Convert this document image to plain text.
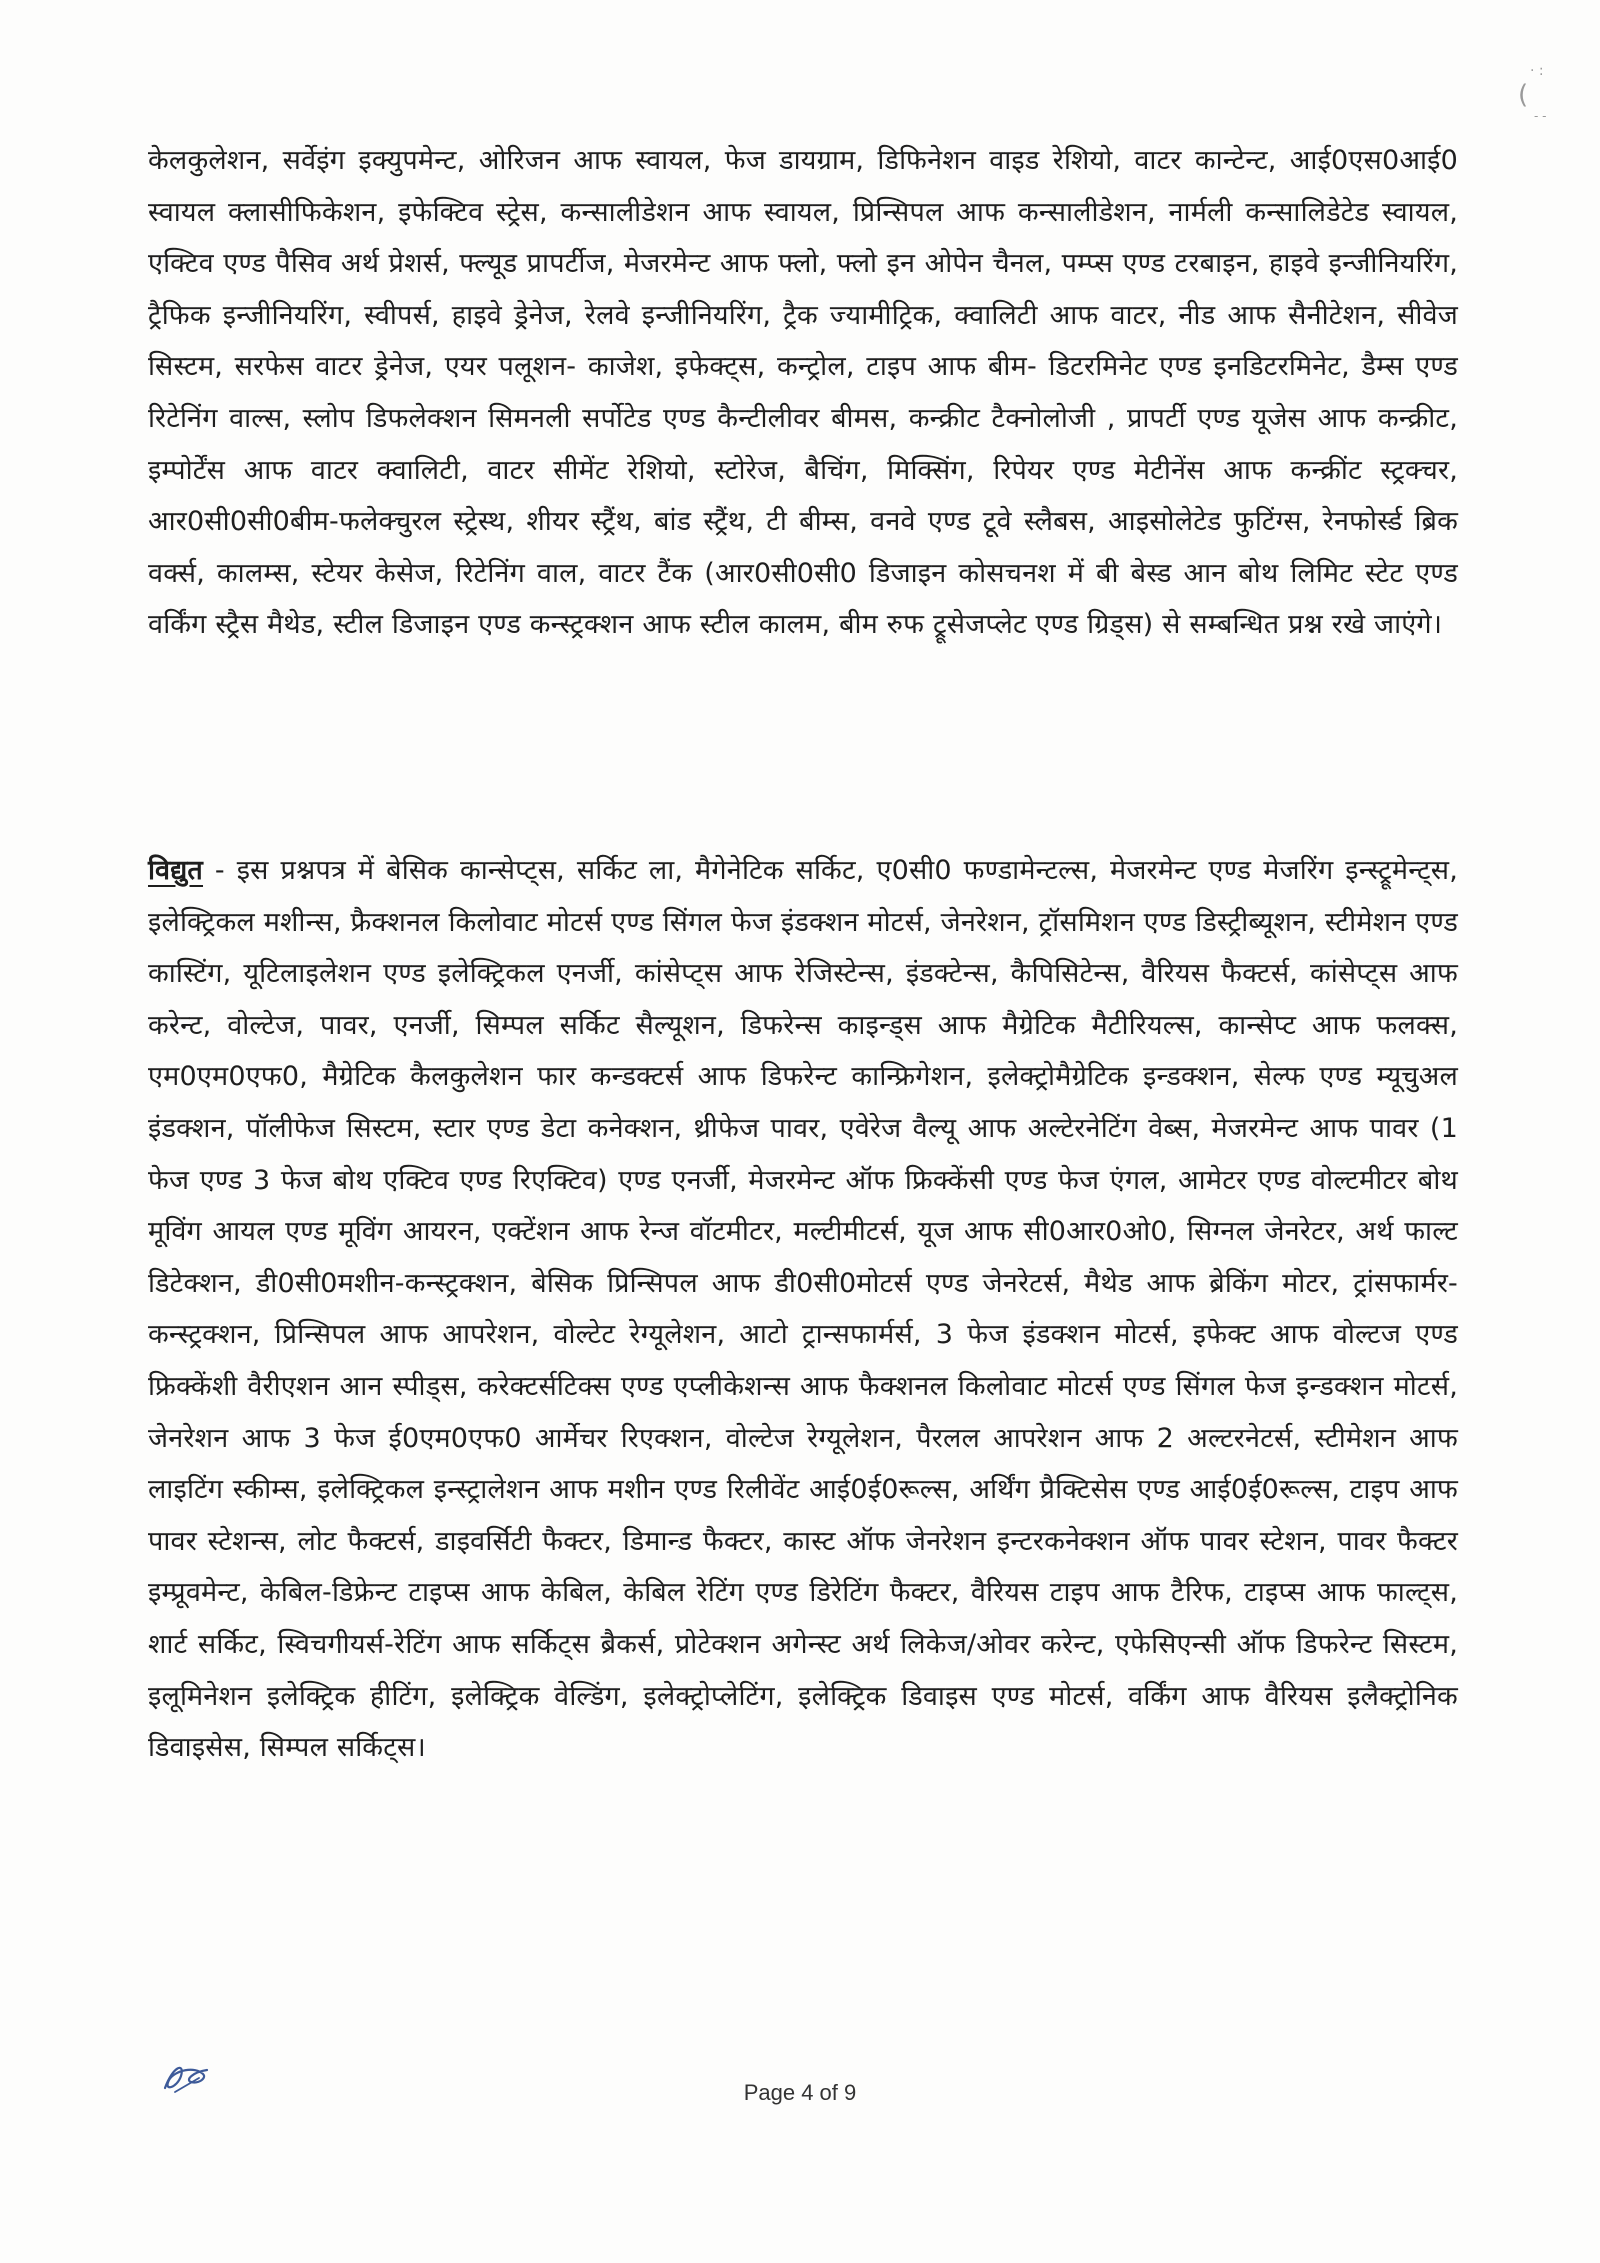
(
· :
- -

केलकुलेशन, सर्वेइंग इक्युपमेन्ट, ओरिजन आफ स्वायल, फेज डायग्राम, डिफिनेशन वाइड रेशियो, वाटर कान्टेन्ट, आई0एस0आई0 स्वायल क्लासीफिकेशन, इफेक्टिव स्ट्रेस, कन्सालीडेशन आफ स्वायल, प्रिन्सिपल आफ कन्सालीडेशन, नार्मली कन्सालिडेटेड स्वायल, एक्टिव एण्ड पैसिव अर्थ प्रेशर्स, फ्ल्यूड प्रापर्टीज, मेजरमेन्ट आफ फ्लो, फ्लो इन ओपेन चैनल, पम्प्स एण्ड टरबाइन, हाइवे इन्जीनियरिंग, ट्रैफिक इन्जीनियरिंग, स्वीपर्स, हाइवे ड्रेनेज, रेलवे इन्जीनियरिंग, ट्रैक ज्यामीट्रिक, क्वालिटी आफ वाटर, नीड आफ सैनीटेशन, सीवेज सिस्टम, सरफेस वाटर ड्रेनेज, एयर पलूशन- काजेश, इफेक्ट्स, कन्ट्रोल, टाइप आफ बीम- डिटरमिनेट एण्ड इनडिटरमिनेट, डैम्स एण्ड रिटेनिंग वाल्स, स्लोप डिफलेक्शन सिमनली सर्पोटेड एण्ड कैन्टीलीवर बीमस, कन्क्रीट टैक्नोलोजी , प्रापर्टी एण्ड यूजेस आफ कन्क्रीट, इम्पोर्टेंस आफ वाटर क्वालिटी, वाटर सीमेंट रेशियो, स्टोरेज, बैचिंग, मिक्सिंग, रिपेयर एण्ड मेटीनेंस आफ कन्क्रींट स्ट्रक्चर, आर0सी0सी0बीम-फलेक्चुरल स्ट्रेस्थ, शीयर स्ट्रैंथ, बांड स्ट्रैंथ, टी बीम्स, वनवे एण्ड टूवे स्लैबस, आइसोलेटेड फुटिंग्स, रेनफोर्स्ड ब्रिक वर्क्स, कालम्स, स्टेयर केसेज, रिटेनिंग वाल, वाटर टैंक (आर0सी0सी0 डिजाइन कोसचनश में बी बेस्ड आन बोथ लिमिट स्टेट एण्ड वर्किंग स्ट्रैस मैथेड, स्टील डिजाइन एण्ड कन्स्ट्रक्शन आफ स्टील कालम, बीम रुफ ट्रूसेजप्लेट एण्ड ग्रिड्स) से सम्बन्धित प्रश्न रखे जाएंगे।

विद्युत - इस प्रश्नपत्र में बेसिक कान्सेप्ट्स, सर्किट ला, मैगेनेटिक सर्किट, ए0सी0 फण्डामेन्टल्स, मेजरमेन्ट एण्ड मेजरिंग इन्स्ट्रूमेन्ट्स, इलेक्ट्रिकल मशीन्स, फ्रैक्शनल किलोवाट मोटर्स एण्ड सिंगल फेज इंडक्शन मोटर्स, जेनरेशन, ट्रॉसमिशन एण्ड डिस्ट्रीब्यूशन, स्टीमेशन एण्ड कास्टिंग, यूटिलाइलेशन एण्ड इलेक्ट्रिकल एनर्जी, कांसेप्ट्स आफ रेजिस्टेन्स, इंडक्टेन्स, कैपिसिटेन्स, वैरियस फैक्टर्स, कांसेप्ट्स आफ करेन्ट, वोल्टेज, पावर, एनर्जी, सिम्पल सर्किट सैल्यूशन, डिफरेन्स काइन्ड्स आफ मैग्रेटिक मैटीरियल्स, कान्सेप्ट आफ फलक्स, एम0एम0एफ0, मैग्रेटिक कैलकुलेशन फार कन्डक्टर्स आफ डिफरेन्ट कान्फ्रिगेशन, इलेक्ट्रोमैग्रेटिक इन्डक्शन, सेल्फ एण्ड म्यूचुअल इंडक्शन, पॉलीफेज सिस्टम, स्टार एण्ड डेटा कनेक्शन, थ्रीफेज पावर, एवेरेज वैल्यू आफ अल्टेरनेटिंग वेब्स, मेजरमेन्ट आफ पावर (1 फेज एण्ड 3 फेज बोथ एक्टिव एण्ड रिएक्टिव) एण्ड एनर्जी, मेजरमेन्ट ऑफ फ्रिक्केंसी एण्ड फेज एंगल, आमेटर एण्ड वोल्टमीटर बोथ मूविंग आयल एण्ड मूविंग आयरन, एक्टेंशन आफ रेन्ज वॉटमीटर, मल्टीमीटर्स, यूज आफ सी0आर0ओ0, सिग्नल जेनरेटर, अर्थ फाल्ट डिटेक्शन, डी0सी0मशीन-कन्स्ट्रक्शन, बेसिक प्रिन्सिपल आफ डी0सी0मोटर्स एण्ड जेनरेटर्स, मैथेड आफ ब्रेकिंग मोटर, ट्रांसफार्मर-कन्स्ट्रक्शन, प्रिन्सिपल आफ आपरेशन, वोल्टेट रेग्यूलेशन, आटो ट्रान्सफार्मर्स, 3 फेज इंडक्शन मोटर्स, इफेक्ट आफ वोल्टज एण्ड फ्रिक्केंशी वैरीएशन आन स्पीड्स, करेक्टर्सटिक्स एण्ड एप्लीकेशन्स आफ फैक्शनल किलोवाट मोटर्स एण्ड सिंगल फेज इन्डक्शन मोटर्स, जेनरेशन आफ 3 फेज ई0एम0एफ0 आर्मेचर रिएक्शन, वोल्टेज रेग्यूलेशन, पैरलल आपरेशन आफ 2 अल्टरनेटर्स, स्टीमेशन आफ लाइटिंग स्कीम्स, इलेक्ट्रिकल इन्स्ट्रालेशन आफ मशीन एण्ड रिलीवेंट आई0ई0रूल्स, अर्थिंग प्रैक्टिसेस एण्ड आई0ई0रूल्स, टाइप आफ पावर स्टेशन्स, लोट फैक्टर्स, डाइवर्सिटी फैक्टर, डिमान्ड फैक्टर, कास्ट ऑफ जेनरेशन इन्टरकनेक्शन ऑफ पावर स्टेशन, पावर फैक्टर इम्प्रूवमेन्ट, केबिल-डिफ्रेन्ट टाइप्स आफ केबिल, केबिल रेटिंग एण्ड डिरेटिंग फैक्टर, वैरियस टाइप आफ टैरिफ, टाइप्स आफ फाल्ट्स, शार्ट सर्किट, स्विचगीयर्स-रेटिंग आफ सर्किट्स ब्रैकर्स, प्रोटेक्शन अगेन्स्ट अर्थ लिकेज/ओवर करेन्ट, एफेसिएन्सी ऑफ डिफरेन्ट सिस्टम, इलूमिनेशन इलेक्ट्रिक हीटिंग, इलेक्ट्रिक वेल्डिंग, इलेक्ट्रोप्लेटिंग, इलेक्ट्रिक डिवाइस एण्ड मोटर्स, वर्किंग आफ वैरियस इलैक्ट्रोनिक डिवाइसेस, सिम्पल सर्किट्स।

Page 4 of 9
